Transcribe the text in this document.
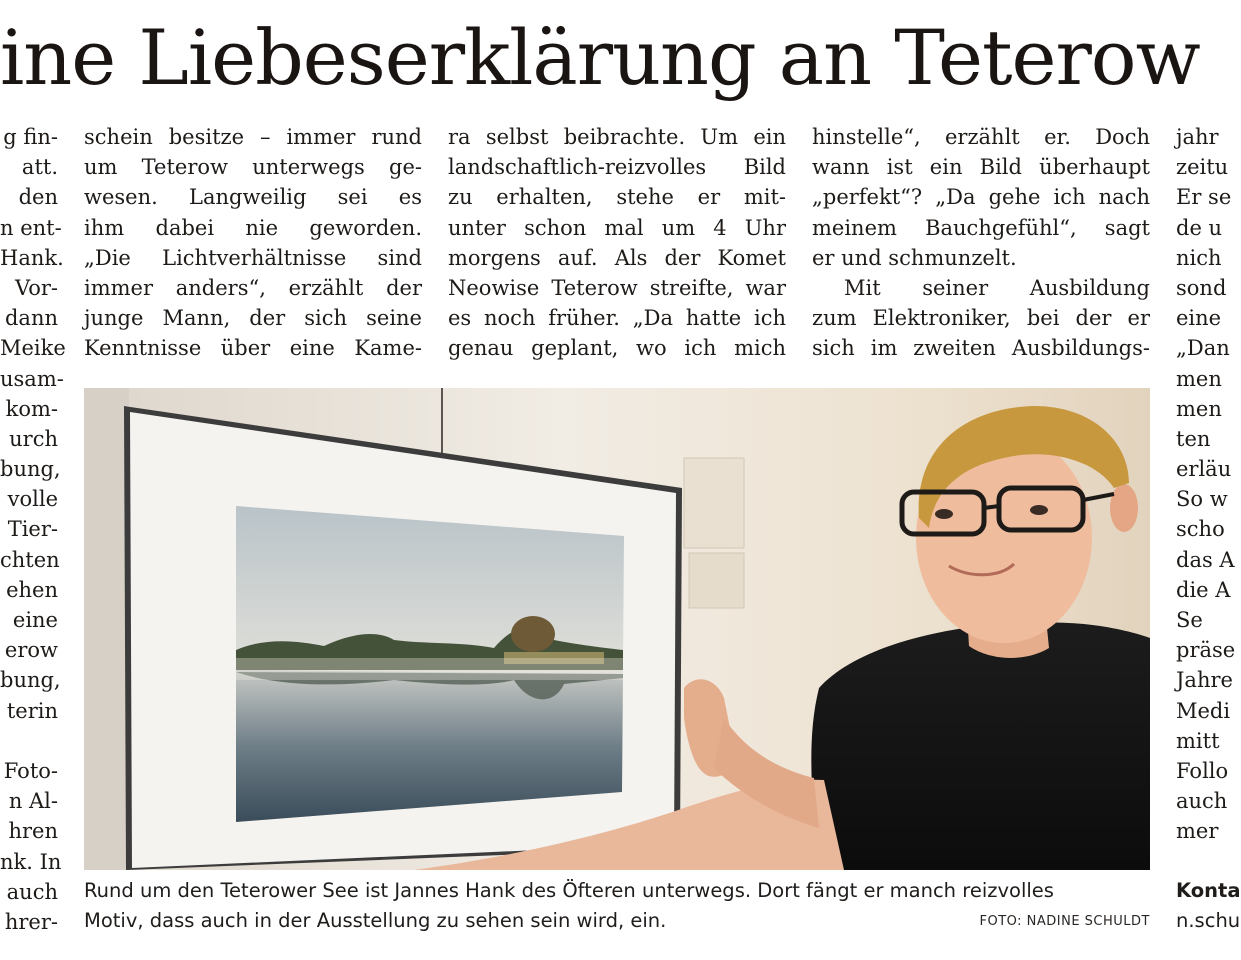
ine Liebeserklärung an Teterow
g fin-
att.
den
n ent-
Hank.
Vor-
dann
Meike
usam-
kom-
urch
bung,
volle
Tier-
chten
ehen
eine
erow
bung,
terin
Foto-
n Al-
hren
nk. In
auch
hrer-
schein besitze – immer rund
um Teterow unterwegs ge-
wesen. Langweilig sei es
ihm dabei nie geworden.
„Die Lichtverhältnisse sind
immer anders“, erzählt der
junge Mann, der sich seine
Kenntnisse über eine Kame-
ra selbst beibrachte. Um ein
landschaftlich-reizvolles Bild
zu erhalten, stehe er mit-
unter schon mal um 4 Uhr
morgens auf. Als der Komet
Neowise Teterow streifte, war
es noch früher. „Da hatte ich
genau geplant, wo ich mich
hinstelle“, erzählt er. Doch
wann ist ein Bild überhaupt
„perfekt“? „Da gehe ich nach
meinem Bauchgefühl“, sagt
er und schmunzelt.
Mit seiner Ausbildung
zum Elektroniker, bei der er
sich im zweiten Ausbildungs-
jahr
zeitu
Er se
de u
nich
sond
eine
„Dan
men
men
ten
erläu
So w
scho
das A
die A
Se
präse
Jahre
Medi
mitt
Follo
auch
mer
Rund um den Teterower See ist Jannes Hank des Öfteren unterwegs. Dort fängt er manch reizvolles
Motiv, dass auch in der Ausstellung zu sehen sein wird, ein.	FOTO: NADINE SCHULDT
Konta
n.schu
